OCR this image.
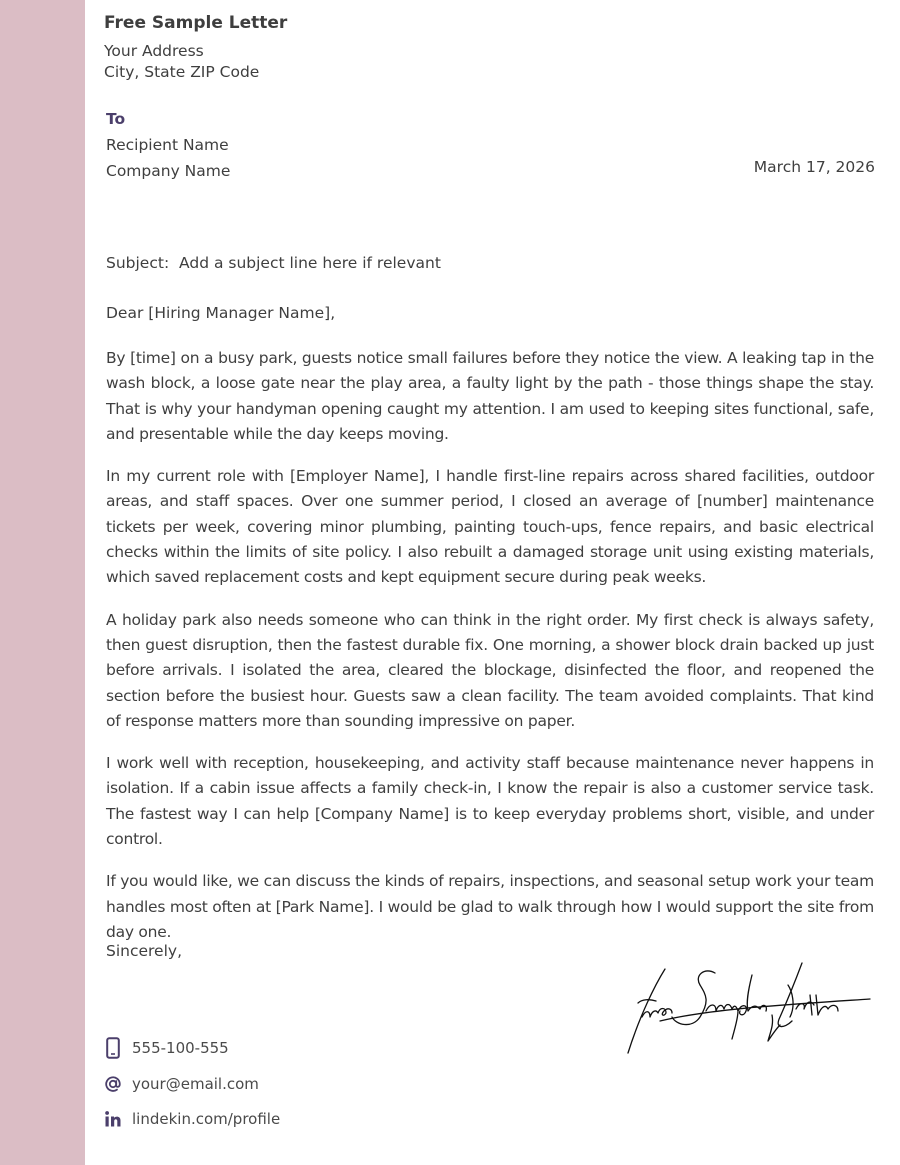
Free Sample Letter
Your Address
City, State ZIP Code
To
Recipient Name
Company Name	March 17, 2026
Subject:  Add a subject line here if relevant
Dear [Hiring Manager Name],

By [time] on a busy park, guests notice small failures before they notice the view. A leaking tap in the wash block, a loose gate near the play area, a faulty light by the path - those things shape the stay. That is why your handyman opening caught my attention. I am used to keeping sites functional, safe, and presentable while the day keeps moving.

In my current role with [Employer Name], I handle first-line repairs across shared facilities, outdoor areas, and staff spaces. Over one summer period, I closed an average of [number] maintenance tickets per week, covering minor plumbing, painting touch-ups, fence repairs, and basic electrical checks within the limits of site policy. I also rebuilt a damaged storage unit using existing materials, which saved replacement costs and kept equipment secure during peak weeks.

A holiday park also needs someone who can think in the right order. My first check is always safety, then guest disruption, then the fastest durable fix. One morning, a shower block drain backed up just before arrivals. I isolated the area, cleared the blockage, disinfected the floor, and reopened the section before the busiest hour. Guests saw a clean facility. The team avoided complaints. That kind of response matters more than sounding impressive on paper.

I work well with reception, housekeeping, and activity staff because maintenance never happens in isolation. If a cabin issue affects a family check-in, I know the repair is also a customer service task. The fastest way I can help [Company Name] is to keep everyday problems short, visible, and under control.

If you would like, we can discuss the kinds of repairs, inspections, and seasonal setup work your team handles most often at [Park Name]. I would be glad to walk through how I would support the site from day one.

Sincerely,
555-100-555
your@email.com
lindekin.com/profile
